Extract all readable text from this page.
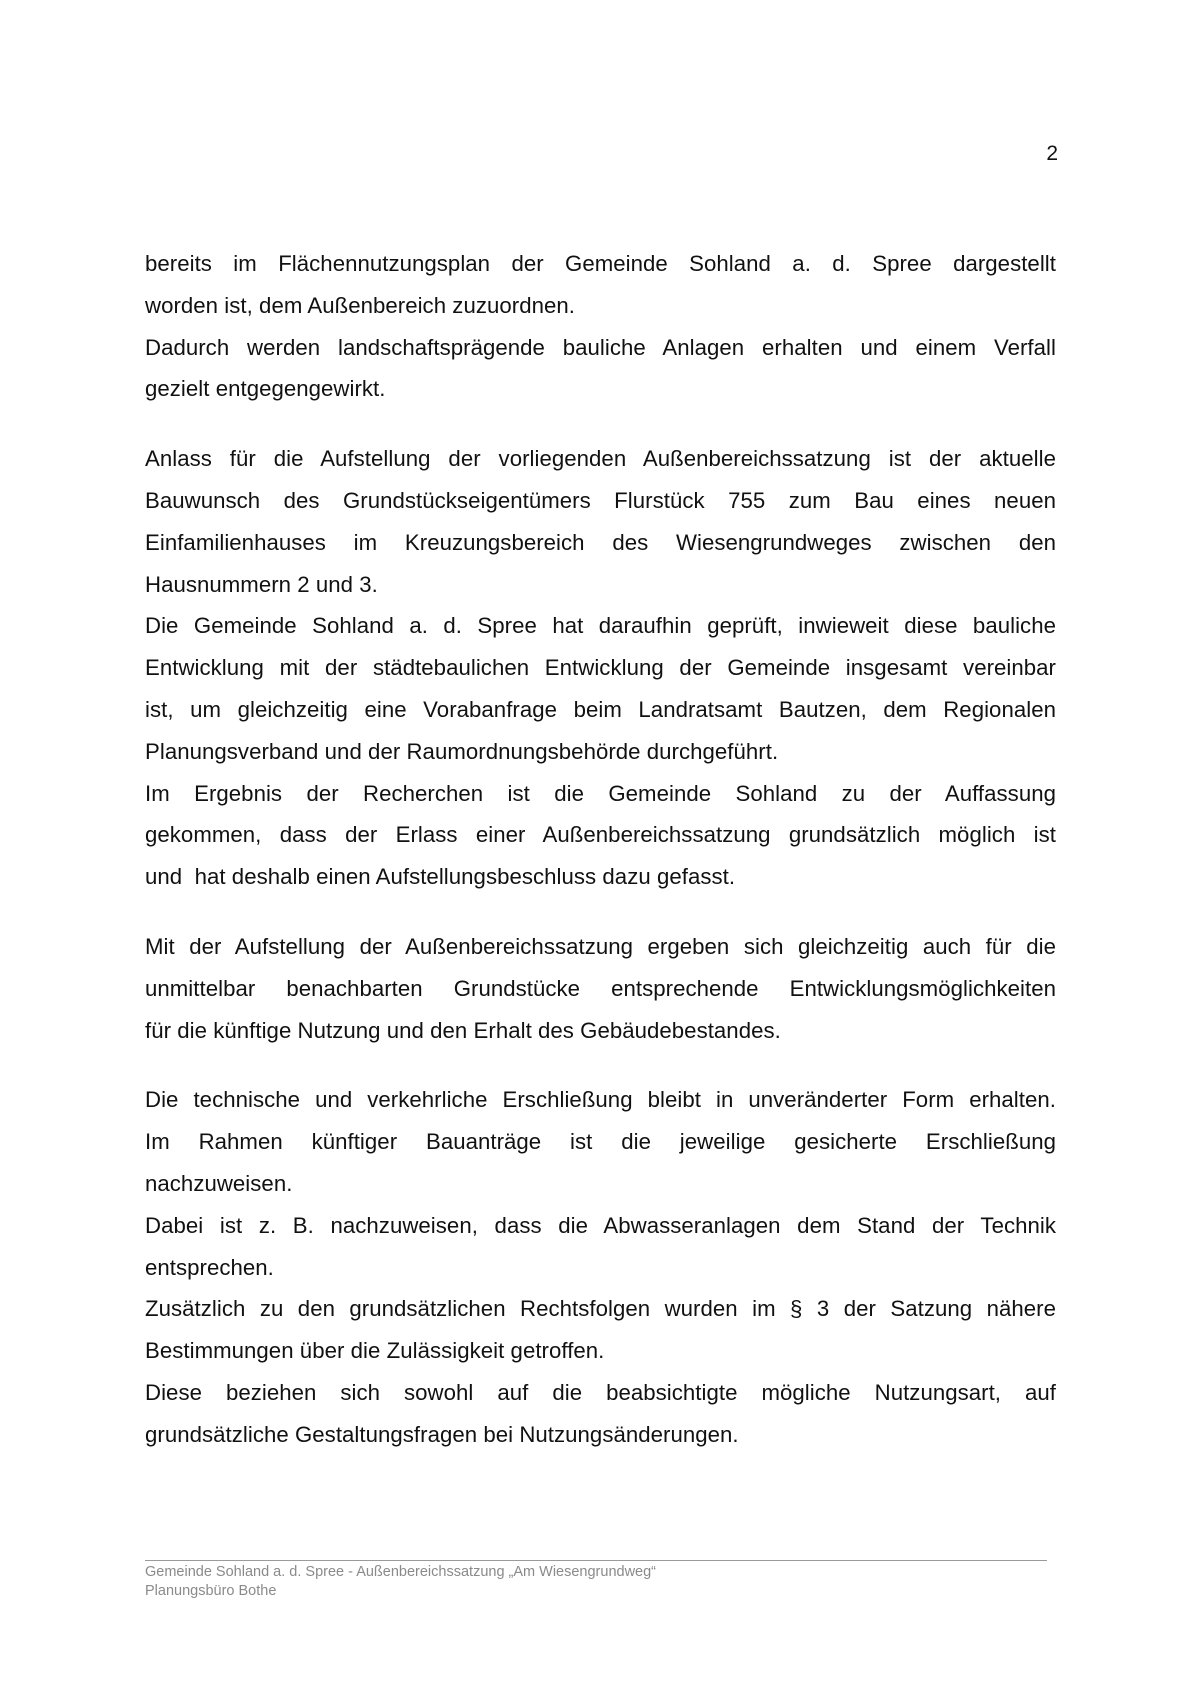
2
bereits im Flächennutzungsplan der Gemeinde Sohland a. d. Spree dargestellt
worden ist, dem Außenbereich zuzuordnen.
Dadurch werden landschaftsprägende bauliche Anlagen erhalten und einem Verfall
gezielt entgegengewirkt.
Anlass für die Aufstellung der vorliegenden Außenbereichssatzung ist der aktuelle
Bauwunsch des Grundstückseigentümers Flurstück 755 zum Bau eines neuen
Einfamilienhauses im Kreuzungsbereich des Wiesengrundweges zwischen den
Hausnummern 2 und 3.
Die Gemeinde Sohland a. d. Spree hat daraufhin geprüft, inwieweit diese bauliche
Entwicklung mit der städtebaulichen Entwicklung der Gemeinde insgesamt vereinbar
ist, um gleichzeitig eine Vorabanfrage beim Landratsamt Bautzen, dem Regionalen
Planungsverband und der Raumordnungsbehörde durchgeführt.
Im Ergebnis der Recherchen ist die Gemeinde Sohland zu der Auffassung
gekommen, dass der Erlass einer Außenbereichssatzung grundsätzlich möglich ist
und  hat deshalb einen Aufstellungsbeschluss dazu gefasst.
Mit der Aufstellung der Außenbereichssatzung ergeben sich gleichzeitig auch für die
unmittelbar benachbarten Grundstücke entsprechende Entwicklungsmöglichkeiten
für die künftige Nutzung und den Erhalt des Gebäudebestandes.
Die technische und verkehrliche Erschließung bleibt in unveränderter Form erhalten.
Im Rahmen künftiger Bauanträge ist die jeweilige gesicherte Erschließung
nachzuweisen.
Dabei ist z. B. nachzuweisen, dass die Abwasseranlagen dem Stand der Technik
entsprechen.
Zusätzlich zu den grundsätzlichen Rechtsfolgen wurden im § 3 der Satzung nähere
Bestimmungen über die Zulässigkeit getroffen.
Diese beziehen sich sowohl auf die beabsichtigte mögliche Nutzungsart, auf
grundsätzliche Gestaltungsfragen bei Nutzungsänderungen.
Gemeinde Sohland a. d. Spree - Außenbereichssatzung „Am Wiesengrundweg“
Planungsbüro Bothe
